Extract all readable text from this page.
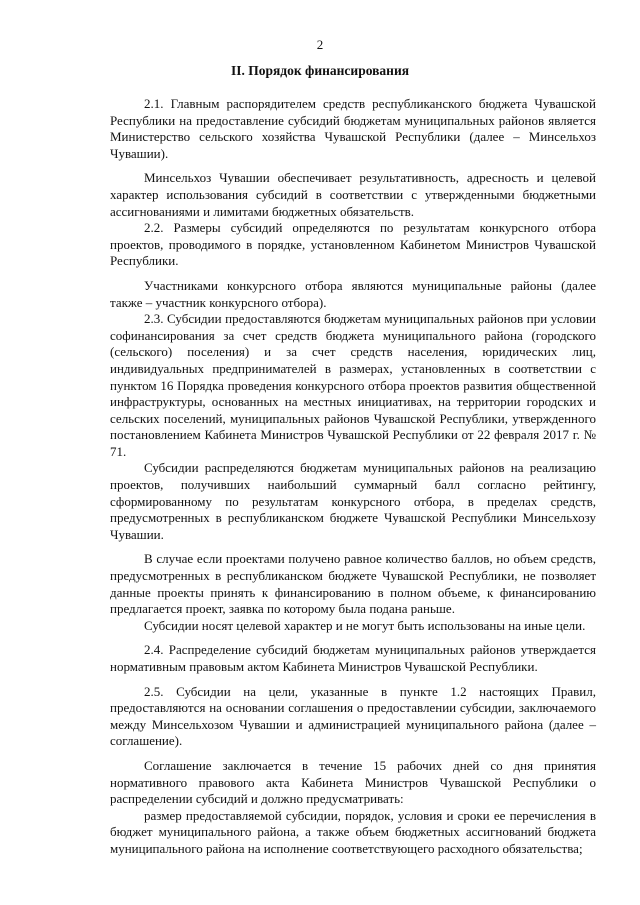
2
II. Порядок финансирования

2.1. Главным распорядителем средств республиканского бюджета Чувашской Республики на предоставление субсидий бюджетам муниципальных районов является Министерство сельского хозяйства Чувашской Республики (далее – Минсельхоз Чувашии).

Минсельхоз Чувашии обеспечивает результативность, адресность и целевой характер использования субсидий в соответствии с утвержденными бюджетными ассигнованиями и лимитами бюджетных обязательств.

2.2. Размеры субсидий определяются по результатам конкурсного отбора проектов, проводимого в порядке, установленном Кабинетом Министров Чувашской Республики.

Участниками конкурсного отбора являются муниципальные районы (далее также – участник конкурсного отбора).

2.3. Субсидии предоставляются бюджетам муниципальных районов при условии софинансирования за счет средств бюджета муниципального района (городского (сельского) поселения) и за счет средств населения, юридических лиц, индивидуальных предпринимателей в размерах, установленных в соответствии с пунктом 16 Порядка проведения конкурсного отбора проектов развития общественной инфраструктуры, основанных на местных инициативах, на территории городских и сельских поселений, муниципальных районов Чувашской Республики, утвержденного постановлением Кабинета Министров Чувашской Республики от 22 февраля 2017 г. № 71.

Субсидии распределяются бюджетам муниципальных районов на реализацию проектов, получивших наибольший суммарный балл согласно рейтингу, сформированному по результатам конкурсного отбора, в пределах средств, предусмотренных в республиканском бюджете Чувашской Республики Минсельхозу Чувашии.

В случае если проектами получено равное количество баллов, но объем средств, предусмотренных в республиканском бюджете Чувашской Республики, не позволяет данные проекты принять к финансированию в полном объеме, к финансированию предлагается проект, заявка по которому была подана раньше.

Субсидии носят целевой характер и не могут быть использованы на иные цели.

2.4. Распределение субсидий бюджетам муниципальных районов утверждается нормативным правовым актом Кабинета Министров Чувашской Республики.

2.5. Субсидии на цели, указанные в пункте 1.2 настоящих Правил, предоставляются на основании соглашения о предоставлении субсидии, заключаемого между Минсельхозом Чувашии и администрацией муниципального района (далее – соглашение).

Соглашение заключается в течение 15 рабочих дней со дня принятия нормативного правового акта Кабинета Министров Чувашской Республики о распределении субсидий и должно предусматривать:

размер предоставляемой субсидии, порядок, условия и сроки ее перечисления в бюджет муниципального района, а также объем бюджетных ассигнований бюджета муниципального района на исполнение соответствующего расходного обязательства;
